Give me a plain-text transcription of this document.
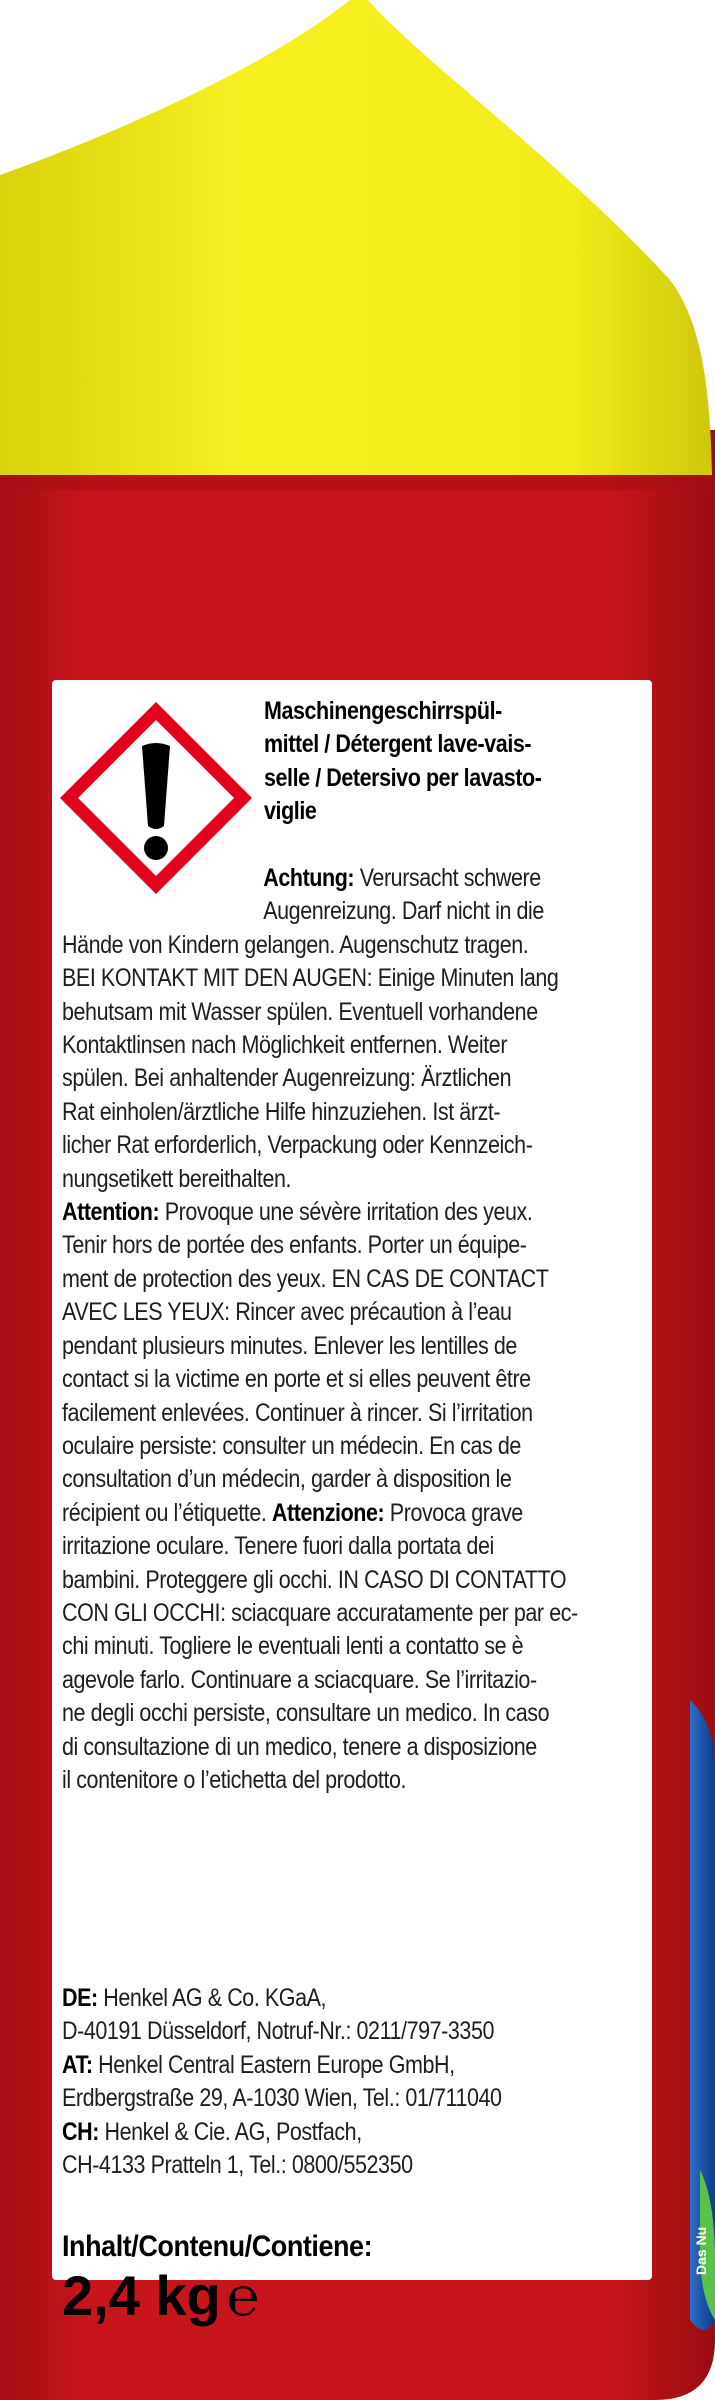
Das Nu
Maschinengeschirrspül-
mittel / Détergent lave-vais-
selle / Detersivo per lavasto-
viglie
Achtung: Verursacht schwere
Augenreizung. Darf nicht in die
Hände von Kindern gelangen. Augenschutz tragen.
BEI KONTAKT MIT DEN AUGEN: Einige Minuten lang
behutsam mit Wasser spülen. Eventuell vorhandene
Kontaktlinsen nach Möglichkeit entfernen. Weiter
spülen. Bei anhaltender Augenreizung: Ärztlichen
Rat einholen/ärztliche Hilfe hinzuziehen. Ist ärzt-
licher Rat erforderlich, Verpackung oder Kennzeich-
nungsetikett bereithalten.
Attention: Provoque une sévère irritation des yeux.
Tenir hors de portée des enfants. Porter un équipe-
ment de protection des yeux. EN CAS DE CONTACT
AVEC LES YEUX: Rincer avec précaution à l’eau
pendant plusieurs minutes. Enlever les lentilles de
contact si la victime en porte et si elles peuvent être
facilement enlevées. Continuer à rincer. Si l’irritation
oculaire persiste: consulter un médecin. En cas de
consultation d’un médecin, garder à disposition le
récipient ou l’étiquette. Attenzione: Provoca grave
irritazione oculare. Tenere fuori dalla portata dei
bambini. Proteggere gli occhi. IN CASO DI CONTATTO
CON GLI OCCHI: sciacquare accuratamente per par ec-
chi minuti. Togliere le eventuali lenti a contatto se è
agevole farlo. Continuare a sciacquare. Se l’irritazio-
ne degli occhi persiste, consultare un medico. In caso
di consultazione di un medico, tenere a disposizione
il contenitore o l’etichetta del prodotto.
DE: Henkel AG & Co. KGaA,
D-40191 Düsseldorf, Notruf-Nr.: 0211/797-3350
AT: Henkel Central Eastern Europe GmbH,
Erdbergstraße 29, A-1030 Wien, Tel.: 01/711040
CH: Henkel & Cie. AG, Postfach,
CH-4133 Pratteln 1, Tel.: 0800/552350
Inhalt/Contenu/Contiene:
2,4 kg ℮
